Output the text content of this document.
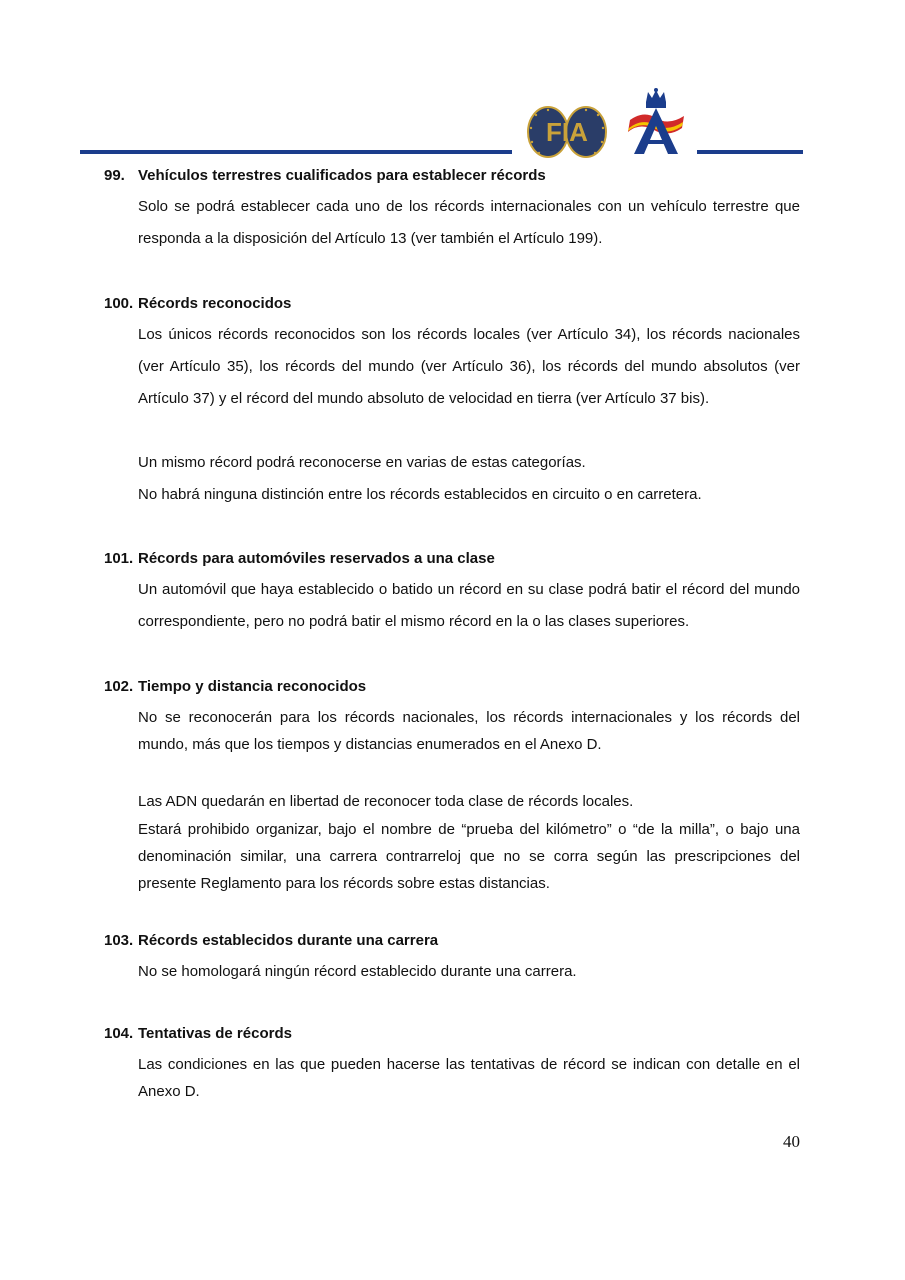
FIA
99. Vehículos terrestres cualificados para establecer récords
Solo se podrá establecer cada uno de los récords internacionales con un vehículo terrestre que responda a la disposición del Artículo 13 (ver también el Artículo 199).
100. Récords reconocidos
Los únicos récords reconocidos son los récords locales (ver Artículo 34), los récords nacionales (ver Artículo 35), los récords del mundo (ver Artículo 36), los récords del mundo absolutos (ver Artículo 37) y el récord del mundo absoluto de velocidad en tierra (ver Artículo 37 bis).
Un mismo récord podrá reconocerse en varias de estas categorías.
No habrá ninguna distinción entre los récords establecidos en circuito o en carretera.
101. Récords para automóviles reservados a una clase
Un automóvil que haya establecido o batido un récord en su clase podrá batir el récord del mundo correspondiente, pero no podrá batir el mismo récord en la o las clases superiores.
102. Tiempo y distancia reconocidos
No se reconocerán para los récords nacionales, los récords internacionales y los récords del mundo, más que los tiempos y distancias enumerados en el Anexo D.
Las ADN quedarán en libertad de reconocer toda clase de récords locales.
Estará prohibido organizar, bajo el nombre de “prueba del kilómetro” o “de la milla”, o bajo una denominación similar, una carrera contrarreloj que no se corra según las prescripciones del presente Reglamento para los récords sobre estas distancias.
103. Récords establecidos durante una carrera
No se homologará ningún récord establecido durante una carrera.
104. Tentativas de récords
Las condiciones en las que pueden hacerse las tentativas de récord se indican con detalle en el Anexo D.
40
